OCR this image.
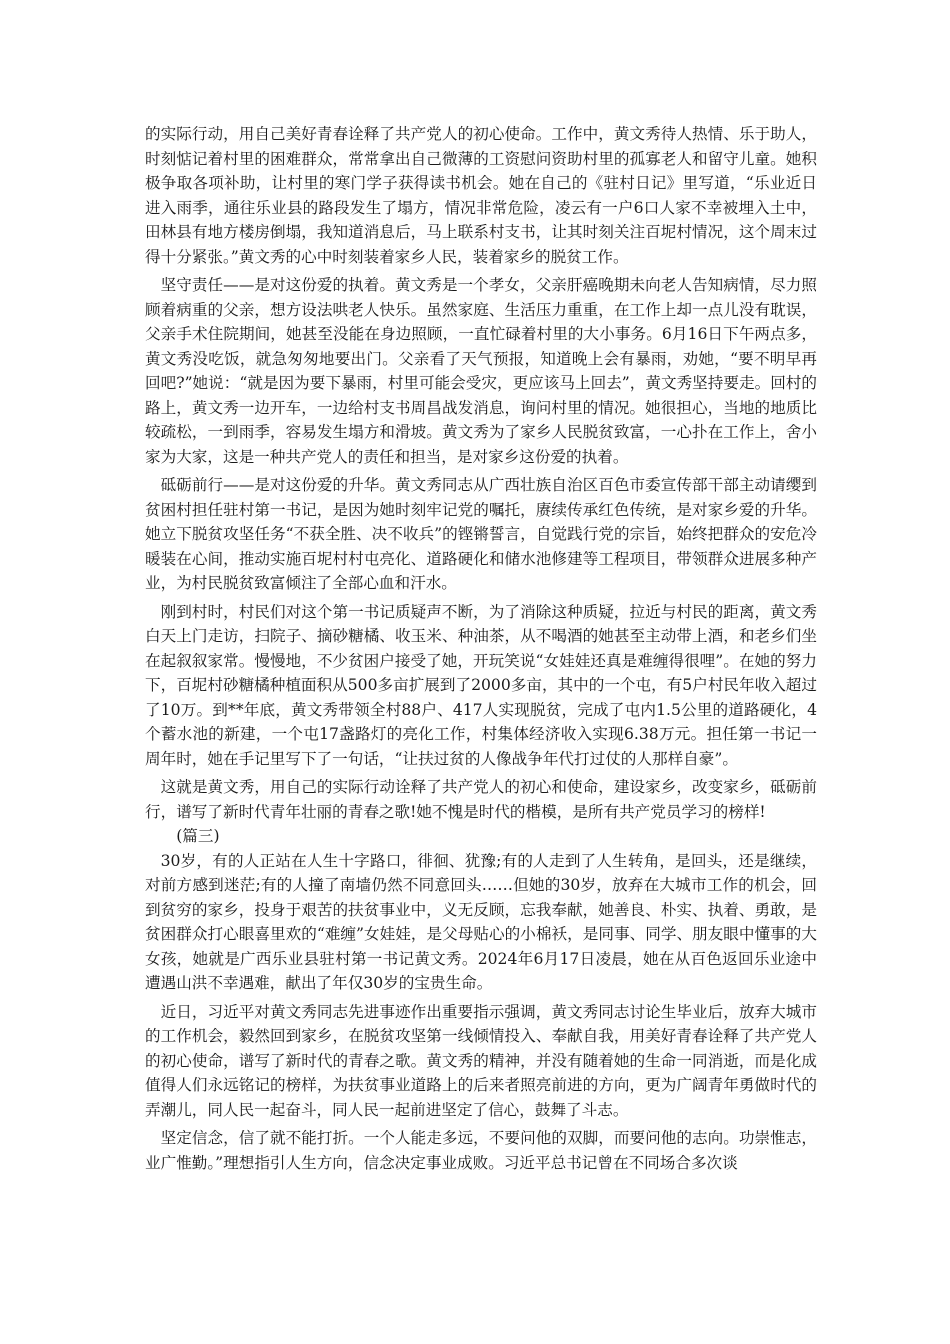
的实际行动，用自己美好青春诠释了共产党人的初心使命。工作中，黄文秀待人热情、乐于助人，时刻惦记着村里的困难群众，常常拿出自己微薄的工资慰问资助村里的孤寡老人和留守儿童。她积极争取各项补助，让村里的寒门学子获得读书机会。她在自己的《驻村日记》里写道，“乐业近日进入雨季，通往乐业县的路段发生了塌方，情况非常危险，凌云有一户6口人家不幸被埋入土中，田林县有地方楼房倒塌，我知道消息后，马上联系村支书，让其时刻关注百坭村情况，这个周末过得十分紧张。”黄文秀的心中时刻装着家乡人民，装着家乡的脱贫工作。

坚守责任——是对这份爱的执着。黄文秀是一个孝女，父亲肝癌晚期未向老人告知病情，尽力照顾着病重的父亲，想方设法哄老人快乐。虽然家庭、生活压力重重，在工作上却一点儿没有耽误，父亲手术住院期间，她甚至没能在身边照顾，一直忙碌着村里的大小事务。6月16日下午两点多，黄文秀没吃饭，就急匆匆地要出门。父亲看了天气预报，知道晚上会有暴雨，劝她，“要不明早再回吧?”她说：“就是因为要下暴雨，村里可能会受灾，更应该马上回去”，黄文秀坚持要走。回村的路上，黄文秀一边开车，一边给村支书周昌战发消息，询问村里的情况。她很担心，当地的地质比较疏松，一到雨季，容易发生塌方和滑坡。黄文秀为了家乡人民脱贫致富，一心扑在工作上，舍小家为大家，这是一种共产党人的责任和担当，是对家乡这份爱的执着。

砥砺前行——是对这份爱的升华。黄文秀同志从广西壮族自治区百色市委宣传部干部主动请缨到贫困村担任驻村第一书记，是因为她时刻牢记党的嘱托，赓续传承红色传统，是对家乡爱的升华。她立下脱贫攻坚任务“不获全胜、决不收兵”的铿锵誓言，自觉践行党的宗旨，始终把群众的安危冷暖装在心间，推动实施百坭村村屯亮化、道路硬化和储水池修建等工程项目，带领群众进展多种产业，为村民脱贫致富倾注了全部心血和汗水。

刚到村时，村民们对这个第一书记质疑声不断，为了消除这种质疑，拉近与村民的距离，黄文秀白天上门走访，扫院子、摘砂糖橘、收玉米、种油茶，从不喝酒的她甚至主动带上酒，和老乡们坐在起叙叙家常。慢慢地，不少贫困户接受了她，开玩笑说“女娃娃还真是难缠得很哩”。在她的努力下，百坭村砂糖橘种植面积从500多亩扩展到了2000多亩，其中的一个屯，有5户村民年收入超过了10万。到**年底，黄文秀带领全村88户、417人实现脱贫，完成了屯内1.5公里的道路硬化，4个蓄水池的新建，一个屯17盏路灯的亮化工作，村集体经济收入实现6.38万元。担任第一书记一周年时，她在手记里写下了一句话，“让扶过贫的人像战争年代打过仗的人那样自豪”。

这就是黄文秀，用自己的实际行动诠释了共产党人的初心和使命，建设家乡，改变家乡，砥砺前行，谱写了新时代青年壮丽的青春之歌!她不愧是时代的楷模，是所有共产党员学习的榜样!

(篇三)

30岁，有的人正站在人生十字路口，徘徊、犹豫;有的人走到了人生转角，是回头，还是继续，对前方感到迷茫;有的人撞了南墙仍然不同意回头……但她的30岁，放弃在大城市工作的机会，回到贫穷的家乡，投身于艰苦的扶贫事业中，义无反顾，忘我奉献，她善良、朴实、执着、勇敢，是贫困群众打心眼喜里欢的“难缠”女娃娃，是父母贴心的小棉袄，是同事、同学、朋友眼中懂事的大女孩，她就是广西乐业县驻村第一书记黄文秀。2024年6月17日凌晨，她在从百色返回乐业途中遭遇山洪不幸遇难，献出了年仅30岁的宝贵生命。

近日，习近平对黄文秀同志先进事迹作出重要指示强调，黄文秀同志讨论生毕业后，放弃大城市的工作机会，毅然回到家乡，在脱贫攻坚第一线倾情投入、奉献自我，用美好青春诠释了共产党人的初心使命，谱写了新时代的青春之歌。黄文秀的精神，并没有随着她的生命一同消逝，而是化成值得人们永远铭记的榜样，为扶贫事业道路上的后来者照亮前进的方向，更为广阔青年勇做时代的弄潮儿，同人民一起奋斗，同人民一起前进坚定了信心，鼓舞了斗志。

坚定信念，信了就不能打折。一个人能走多远，不要问他的双脚，而要问他的志向。功崇惟志，业广惟勤。”理想指引人生方向，信念决定事业成败。习近平总书记曾在不同场合多次谈
